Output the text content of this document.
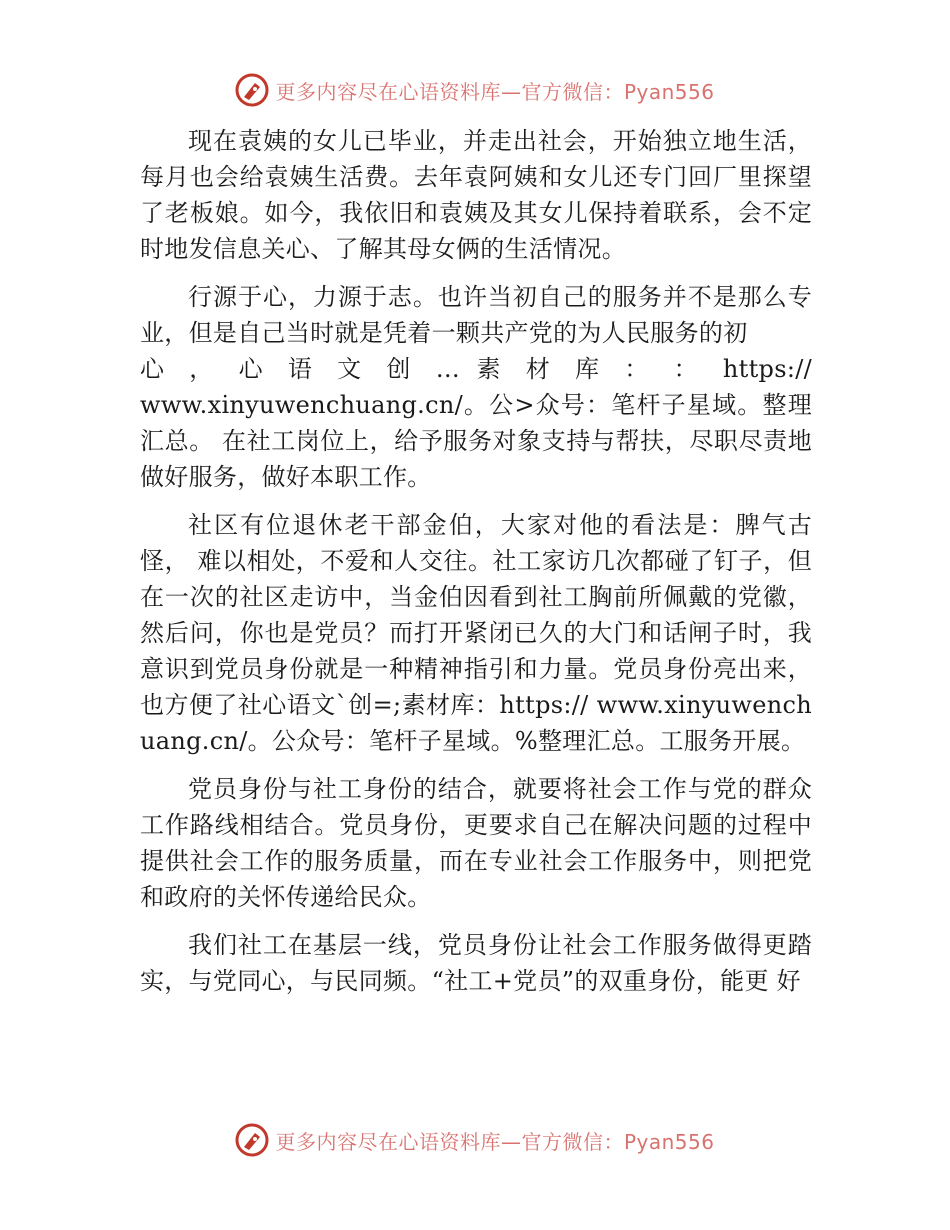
更多内容尽在心语资料库—官方微信：Pyan556

现在袁姨的女儿已毕业，并走出社会，开始独立地生活，每月也会给袁姨生活费。去年袁阿姨和女儿还专门回厂里探望了老板娘。如今，我依旧和袁姨及其女儿保持着联系，会不定时地发信息关心、了解其母女俩的生活情况。

行源于心，力源于志。也许当初自己的服务并不是那么专业，但是自己当时就是凭着一颗共产党的为人民服务的初
心 ， 心 语 文 创 … 素 材 库 ： ： https://
www.xinyuwenchuang.cn/。公>众号：笔杆子星域。整理汇总。 在社工岗位上，给予服务对象支持与帮扶，尽职尽责地做好服务，做好本职工作。

社区有位退休老干部金伯，大家对他的看法是：脾气古怪， 难以相处，不爱和人交往。社工家访几次都碰了钉子，但在一次的社区走访中，当金伯因看到社工胸前所佩戴的党徽，然后问，你也是党员？而打开紧闭已久的大门和话闸子时，我意识到党员身份就是一种精神指引和力量。党员身份亮出来，也方便了社心语文`创=;素材库：https:// www.xinyuwenchuang.cn/。公众号：笔杆子星域。%整理汇总。工服务开展。

党员身份与社工身份的结合，就要将社会工作与党的群众工作路线相结合。党员身份，更要求自己在解决问题的过程中提供社会工作的服务质量，而在专业社会工作服务中，则把党和政府的关怀传递给民众。

我们社工在基层一线，党员身份让社会工作服务做得更踏实，与党同心，与民同频。“社工+党员”的双重身份，能更 好

更多内容尽在心语资料库—官方微信：Pyan556
